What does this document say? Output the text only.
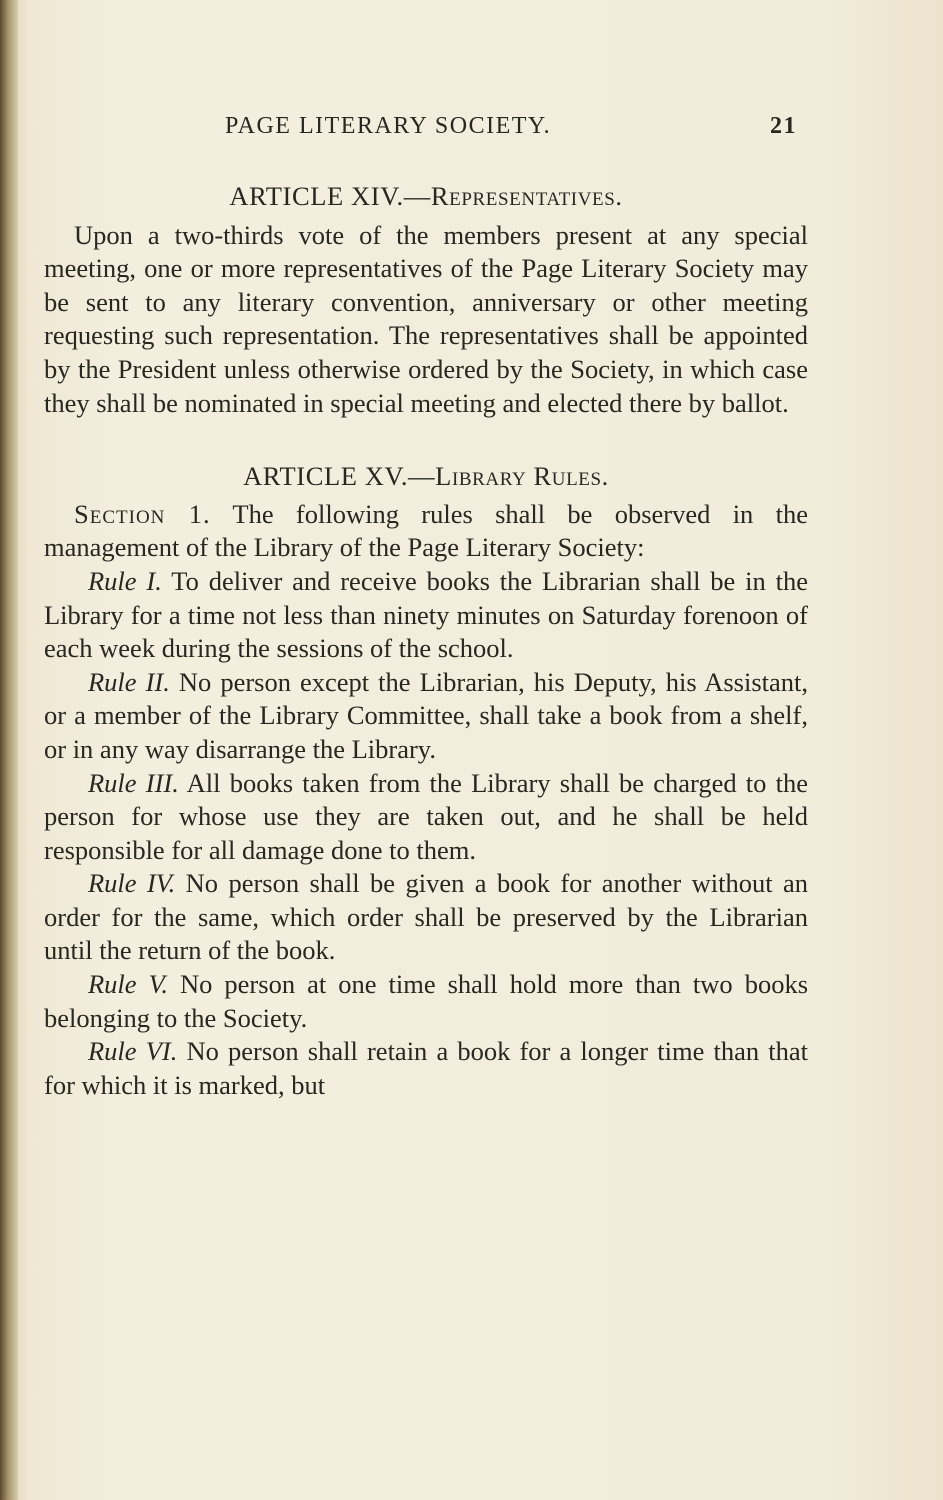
PAGE LITERARY SOCIETY.	21

ARTICLE XIV.—Representatives.

Upon a two-thirds vote of the members present at any special meeting, one or more representatives of the Page Literary Society may be sent to any literary convention, anniversary or other meeting requesting such representation. The representatives shall be appointed by the President unless otherwise ordered by the Society, in which case they shall be nominated in special meeting and elected there by ballot.

ARTICLE XV.—Library Rules.

Section 1. The following rules shall be observed in the management of the Library of the Page Literary Society:

Rule I. To deliver and receive books the Librarian shall be in the Library for a time not less than ninety minutes on Saturday forenoon of each week during the sessions of the school.

Rule II. No person except the Librarian, his Deputy, his Assistant, or a member of the Library Committee, shall take a book from a shelf, or in any way disarrange the Library.

Rule III. All books taken from the Library shall be charged to the person for whose use they are taken out, and he shall be held responsible for all damage done to them.

Rule IV. No person shall be given a book for another without an order for the same, which order shall be preserved by the Librarian until the return of the book.

Rule V. No person at one time shall hold more than two books belonging to the Society.

Rule VI. No person shall retain a book for a longer time than that for which it is marked, but
